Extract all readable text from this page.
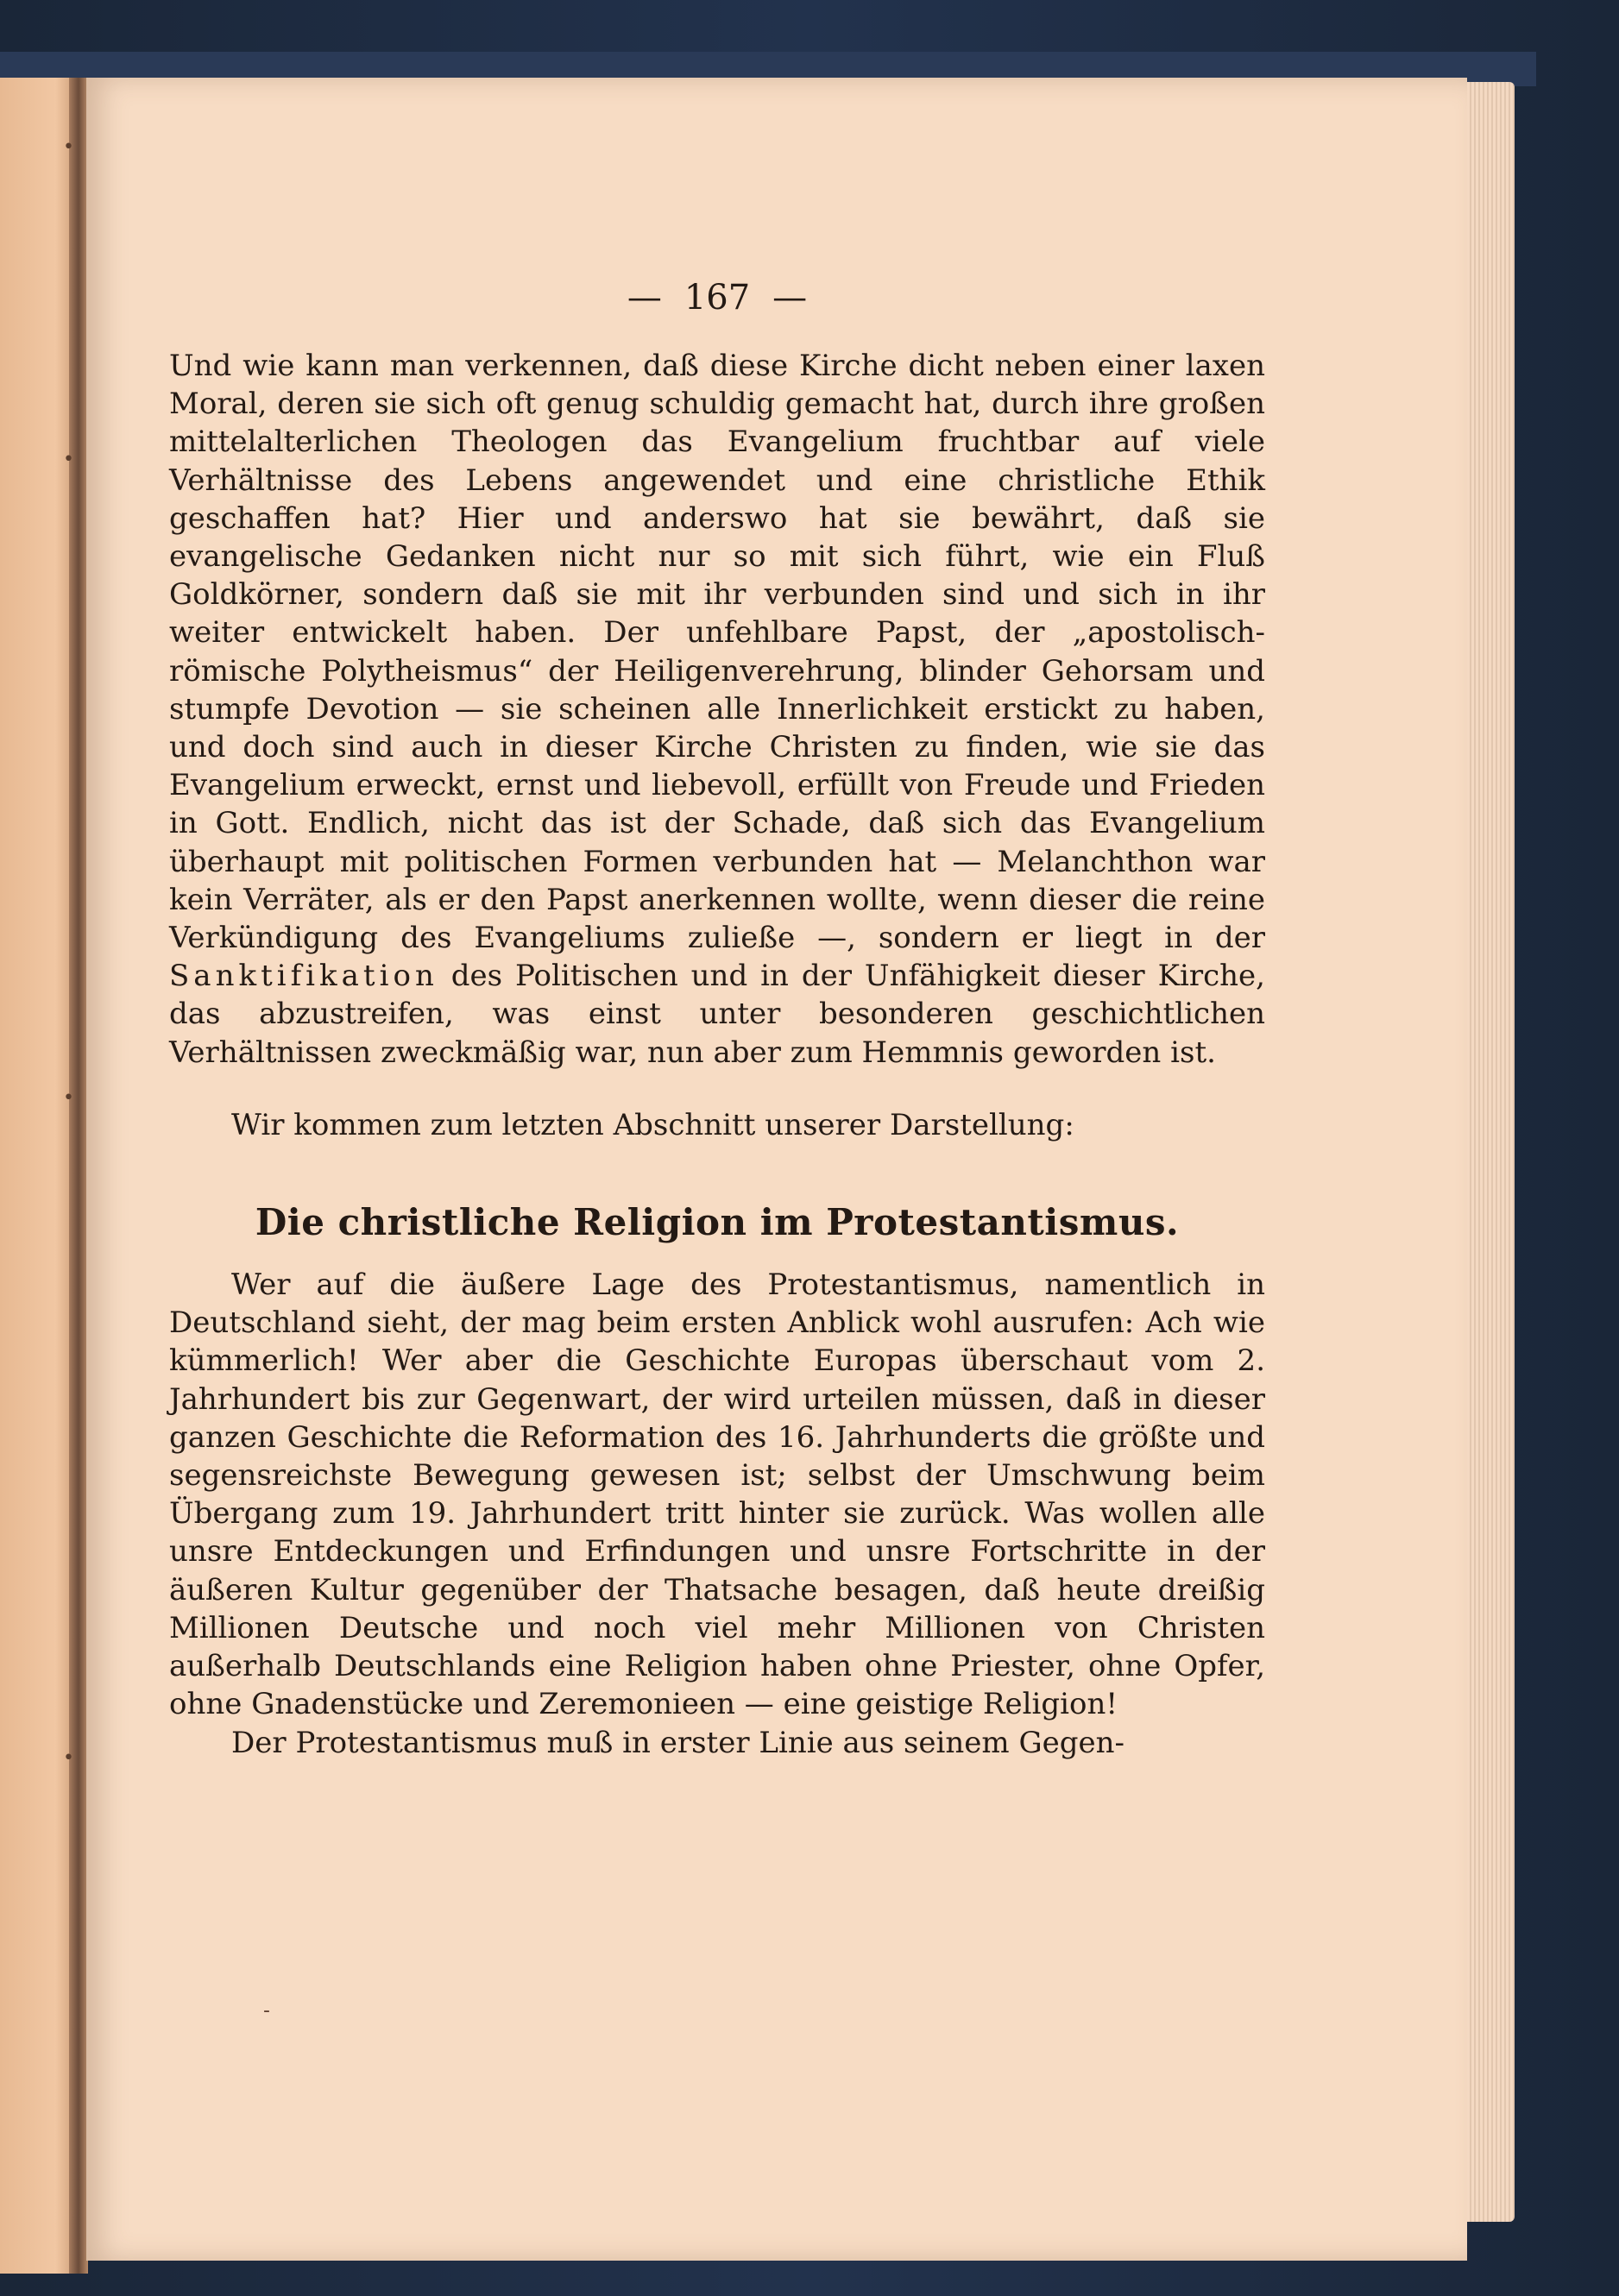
•
•
•
•
-
— 167 —

Und wie kann man verkennen, daß diese Kirche dicht neben einer laxen Moral, deren sie sich oft genug schuldig gemacht hat, durch ihre großen mittelalterlichen Theologen das Evangelium fruchtbar auf viele Verhältnisse des Lebens angewendet und eine christliche Ethik geschaffen hat? Hier und anderswo hat sie bewährt, daß sie evangelische Gedanken nicht nur so mit sich führt, wie ein Fluß Goldkörner, sondern daß sie mit ihr verbunden sind und sich in ihr weiter entwickelt haben. Der unfehlbare Papst, der „apostolisch-römische Polytheismus“ der Heiligenverehrung, blinder Gehorsam und stumpfe Devotion — sie scheinen alle Innerlichkeit erstickt zu haben, und doch sind auch in dieser Kirche Christen zu finden, wie sie das Evangelium erweckt, ernst und liebevoll, erfüllt von Freude und Frieden in Gott. Endlich, nicht das ist der Schade, daß sich das Evangelium überhaupt mit politischen Formen verbunden hat — Melanchthon war kein Verräter, als er den Papst anerkennen wollte, wenn dieser die reine Verkündigung des Evangeliums zuließe —, sondern er liegt in der Sanktifikation des Politischen und in der Unfähigkeit dieser Kirche, das abzustreifen, was einst unter besonderen geschichtlichen Verhältnissen zweckmäßig war, nun aber zum Hemmnis geworden ist.

Wir kommen zum letzten Abschnitt unserer Darstellung:

Die christliche Religion im Protestantismus.

Wer auf die äußere Lage des Protestantismus, namentlich in Deutschland sieht, der mag beim ersten Anblick wohl ausrufen: Ach wie kümmerlich! Wer aber die Geschichte Europas überschaut vom 2. Jahrhundert bis zur Gegenwart, der wird urteilen müssen, daß in dieser ganzen Geschichte die Reformation des 16. Jahrhunderts die größte und segensreichste Bewegung gewesen ist; selbst der Umschwung beim Übergang zum 19. Jahrhundert tritt hinter sie zurück. Was wollen alle unsre Entdeckungen und Erfindungen und unsre Fortschritte in der äußeren Kultur gegenüber der Thatsache besagen, daß heute dreißig Millionen Deutsche und noch viel mehr Millionen von Christen außerhalb Deutschlands eine Religion haben ohne Priester, ohne Opfer, ohne Gnadenstücke und Zeremonieen — eine geistige Religion!

Der Protestantismus muß in erster Linie aus seinem Gegen-
